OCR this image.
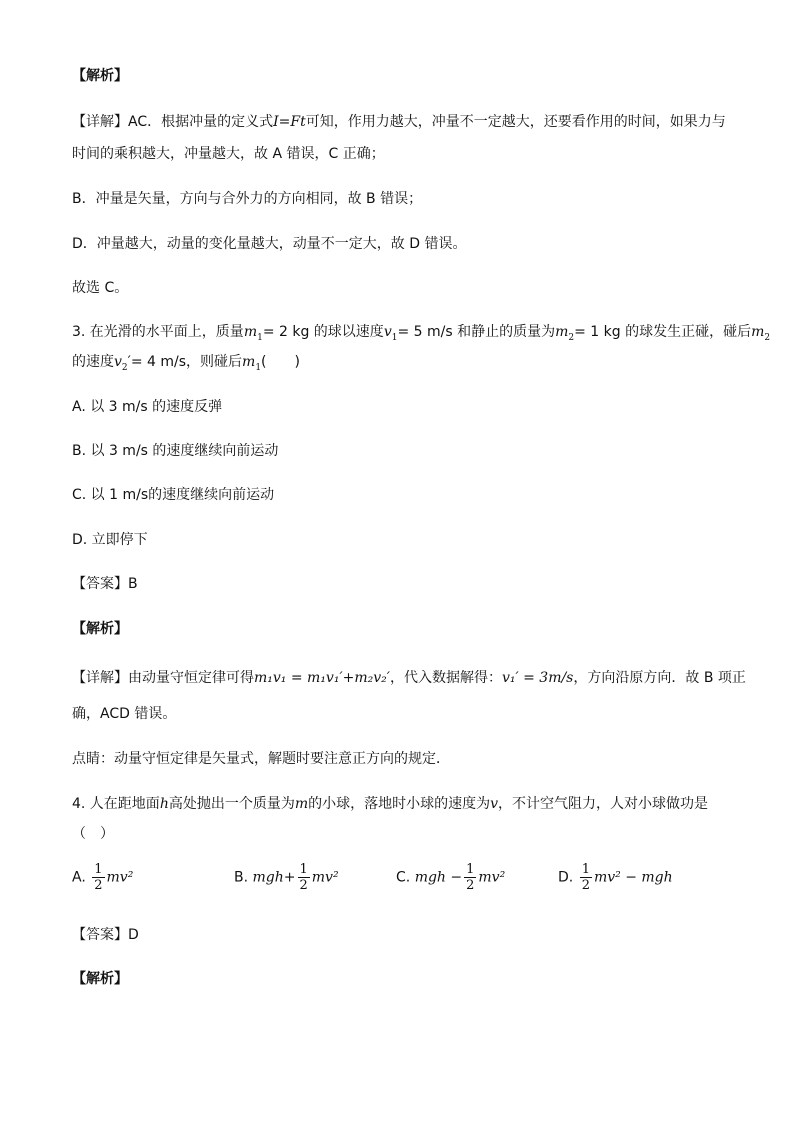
【解析】
【详解】AC．根据冲量的定义式I=Ft可知，作用力越大，冲量不一定越大，还要看作用的时间，如果力与
时间的乘积越大，冲量越大，故 A 错误，C 正确；
B．冲量是矢量，方向与合外力的方向相同，故 B 错误；
D．冲量越大，动量的变化量越大，动量不一定大，故 D 错误。
故选 C。
3. 在光滑的水平面上，质量$m_1= 2$ kg 的球以速度$v_1= 5$ m/s 和静止的质量为$m_2= 1$ kg 的球发生正碰，碰后$m_2$
的速度$v_2'= 4$ m/s，则碰后$m_1$(　　)
A. 以 3 m/s 的速度反弹
B. 以 3 m/s 的速度继续向前运动
C. 以 1 m/s的速度继续向前运动
D. 立即停下
【答案】B
【解析】
【详解】由动量守恒定律可得m₁v₁ = m₁v₁′+m₂v₂′，代入数据解得：v₁′ = 3m/s，方向沿原方向．故 B 项正
确，ACD 错误。
点睛：动量守恒定律是矢量式，解题时要注意正方向的规定．
4. 人在距地面h高处抛出一个质量为m的小球，落地时小球的速度为v，不计空气阻力，人对小球做功是
（　）
A. $\frac{1}{2} mv^2$	B. $mgh+ \frac{1}{2} mv^2$	C. mgh − $\frac{1}{2} mv^2$	D. $\frac{1}{2} mv^2$ − mgh
【答案】D
【解析】
